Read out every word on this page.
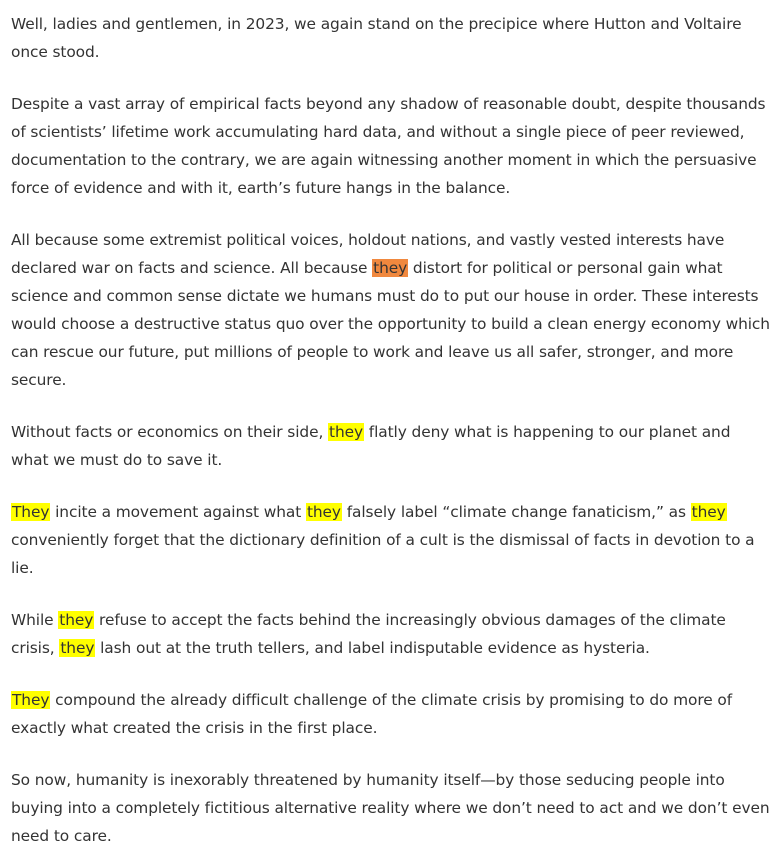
Well, ladies and gentlemen, in 2023, we again stand on the precipice where Hutton and Voltaire once stood.

Despite a vast array of empirical facts beyond any shadow of reasonable doubt, despite thousands of scientists’ lifetime work accumulating hard data, and without a single piece of peer reviewed, documentation to the contrary, we are again witnessing another moment in which the persuasive force of evidence and with it, earth’s future hangs in the balance.

All because some extremist political voices, holdout nations, and vastly vested interests have declared war on facts and science. All because they distort for political or personal gain what science and common sense dictate we humans must do to put our house in order. These interests would choose a destructive status quo over the opportunity to build a clean energy economy which can rescue our future, put millions of people to work and leave us all safer, stronger, and more secure.

Without facts or economics on their side, they flatly deny what is happening to our planet and what we must do to save it.

They incite a movement against what they falsely label “climate change fanaticism,” as they conveniently forget that the dictionary definition of a cult is the dismissal of facts in devotion to a lie.

While they refuse to accept the facts behind the increasingly obvious damages of the climate crisis, they lash out at the truth tellers, and label indisputable evidence as hysteria.

They compound the already difficult challenge of the climate crisis by promising to do more of exactly what created the crisis in the first place.

So now, humanity is inexorably threatened by humanity itself—by those seducing people into buying into a completely fictitious alternative reality where we don’t need to act and we don’t even need to care.
